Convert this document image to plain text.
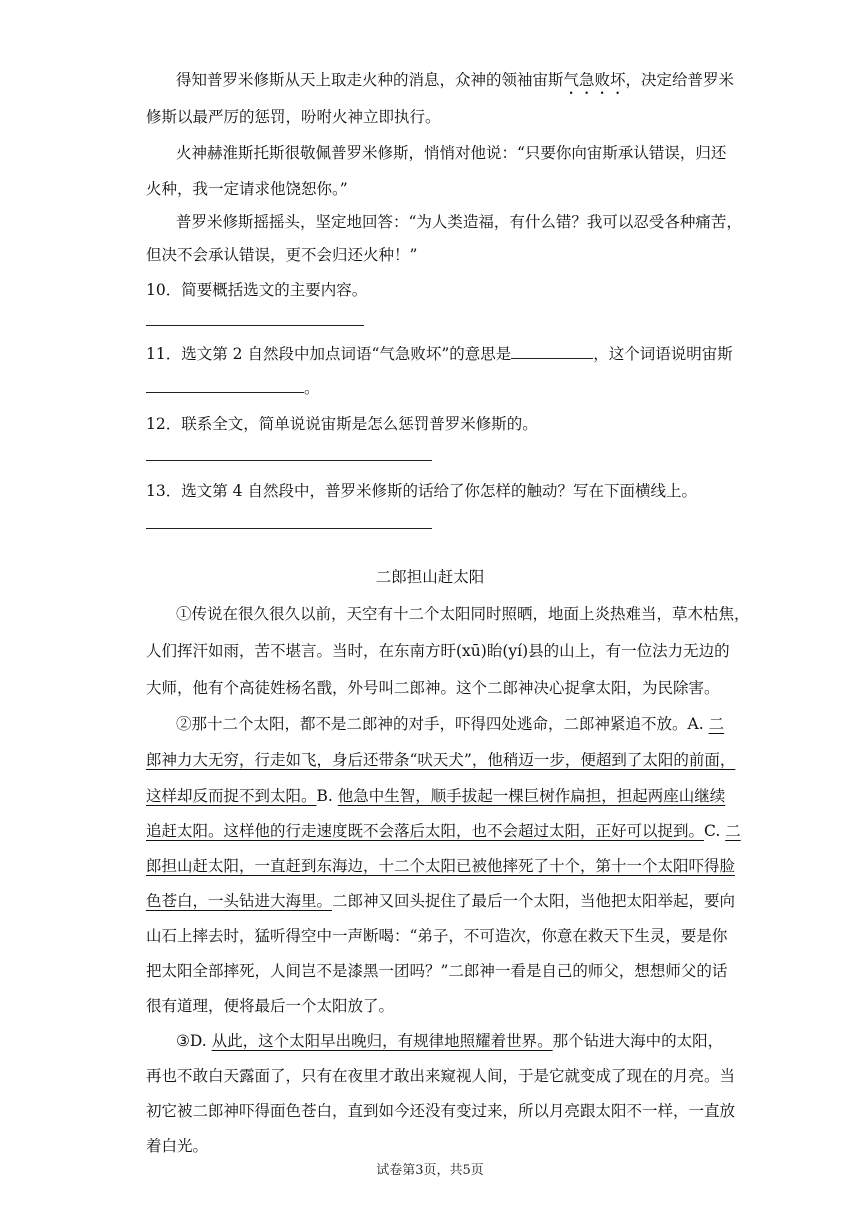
得知普罗米修斯从天上取走火种的消息，众神的领袖宙斯气急败坏，决定给普罗米
修斯以最严厉的惩罚，吩咐火神立即执行。
火神赫淮斯托斯很敬佩普罗米修斯，悄悄对他说：“只要你向宙斯承认错误，归还
火种，我一定请求他饶恕你。”
普罗米修斯摇摇头，坚定地回答：“为人类造福，有什么错？我可以忍受各种痛苦，
但决不会承认错误，更不会归还火种！”
10．简要概括选文的主要内容。
11．选文第 2 自然段中加点词语“气急败坏”的意思是	，这个词语说明宙斯
。
12．联系全文，简单说说宙斯是怎么惩罚普罗米修斯的。
13．选文第 4 自然段中，普罗米修斯的话给了你怎样的触动？写在下面横线上。
二郎担山赶太阳
①传说在很久很久以前，天空有十二个太阳同时照晒，地面上炎热难当，草木枯焦，
人们挥汗如雨，苦不堪言。当时，在东南方盱(xū)眙(yí)县的山上，有一位法力无边的
大师，他有个高徒姓杨名戬，外号叫二郎神。这个二郎神决心捉拿太阳，为民除害。
②那十二个太阳，都不是二郎神的对手，吓得四处逃命，二郎神紧追不放。A. 二
郎神力大无穷，行走如飞，身后还带条“吠天犬”，他稍迈一步，便超到了太阳的前面，
这样却反而捉不到太阳。B. 他急中生智，顺手拔起一棵巨树作扁担，担起两座山继续
追赶太阳。这样他的行走速度既不会落后太阳，也不会超过太阳，正好可以捉到。C. 二
郎担山赶太阳，一直赶到东海边，十二个太阳已被他摔死了十个，第十一个太阳吓得脸
色苍白，一头钻进大海里。二郎神又回头捉住了最后一个太阳，当他把太阳举起，要向
山石上摔去时，猛听得空中一声断喝：“弟子，不可造次，你意在救天下生灵，要是你
把太阳全部摔死，人间岂不是漆黑一团吗？”二郎神一看是自己的师父，想想师父的话
很有道理，便将最后一个太阳放了。
③D. 从此，这个太阳早出晚归，有规律地照耀着世界。那个钻进大海中的太阳，
再也不敢白天露面了，只有在夜里才敢出来窥视人间，于是它就变成了现在的月亮。当
初它被二郎神吓得面色苍白，直到如今还没有变过来，所以月亮跟太阳不一样，一直放
着白光。
试卷第3页，共5页
